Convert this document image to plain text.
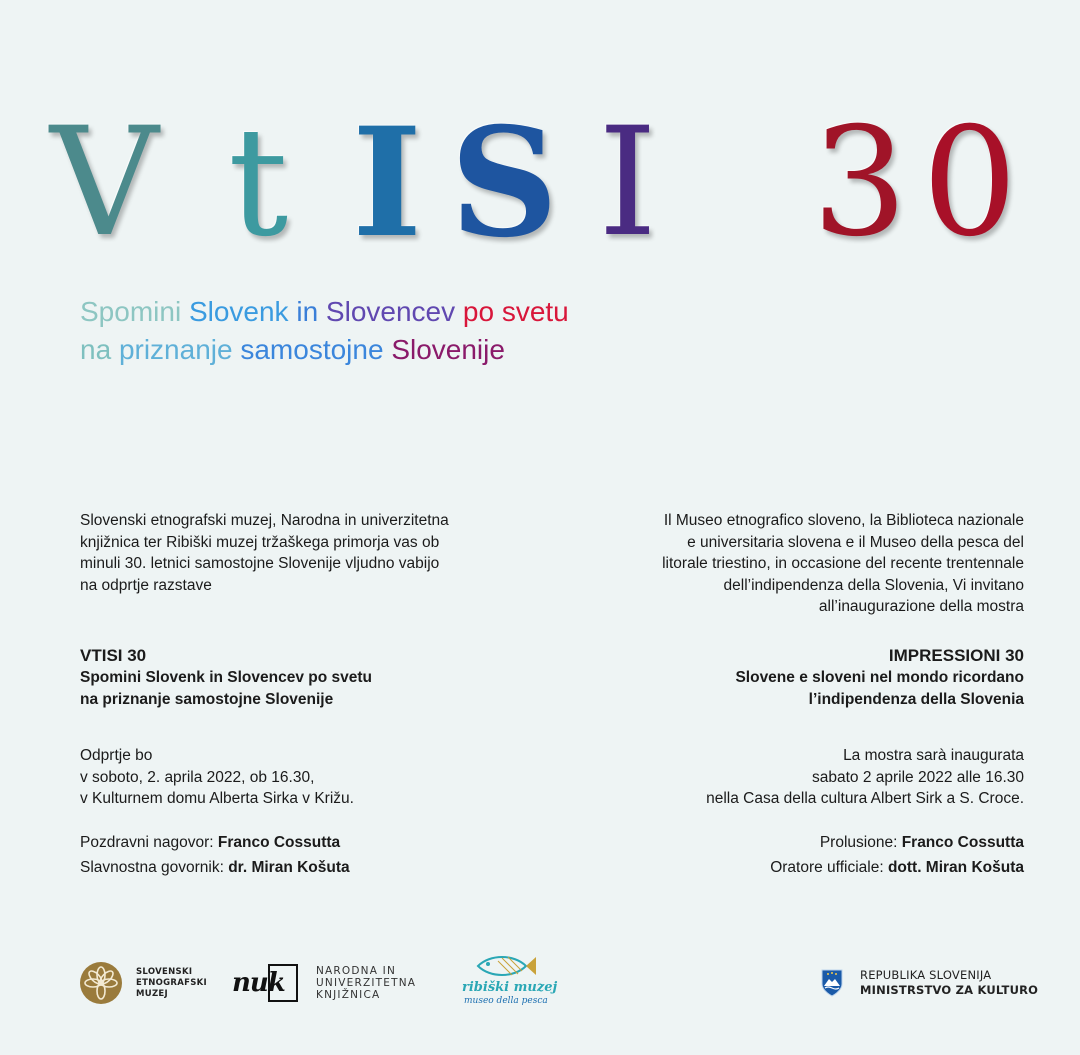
V t I S I 3 0
Spomini Slovenk in Slovencev po svetu
na priznanje samostojne Slovenije
Slovenski etnografski muzej, Narodna in univerzitetna
knjižnica ter Ribiški muzej tržaškega primorja vas ob
minuli 30. letnici samostojne Slovenije vljudno vabijo
na odprtje razstave
VTISI 30
Spomini Slovenk in Slovencev po svetu
na priznanje samostojne Slovenije
Odprtje bo
v soboto, 2. aprila 2022, ob 16.30,
v Kulturnem domu Alberta Sirka v Križu.
Pozdravni nagovor: Franco Cossutta
Slavnostna govornik: dr. Miran Košuta
Il Museo etnografico sloveno, la Biblioteca nazionale
e universitaria slovena e il Museo della pesca del
litorale triestino, in occasione del recente trentennale
dell’indipendenza della Slovenia, Vi invitano
all’inaugurazione della mostra
IMPRESSIONI 30
Slovene e sloveni nel mondo ricordano
l’indipendenza della Slovenia
La mostra sarà inaugurata
sabato 2 aprile 2022 alle 16.30
nella Casa della cultura Albert Sirk a S. Croce.
Prolusione: Franco Cossutta
Oratore ufficiale: dott. Miran Košuta
SLOVENSKI
ETNOGRAFSKI
MUZEJ	nuk	NARODNA IN
UNIVERZITETNA
KNJIŽNICA	ribiški muzej
museo della pesca
REPUBLIKA SLOVENIJA
MINISTRSTVO ZA KULTURO
